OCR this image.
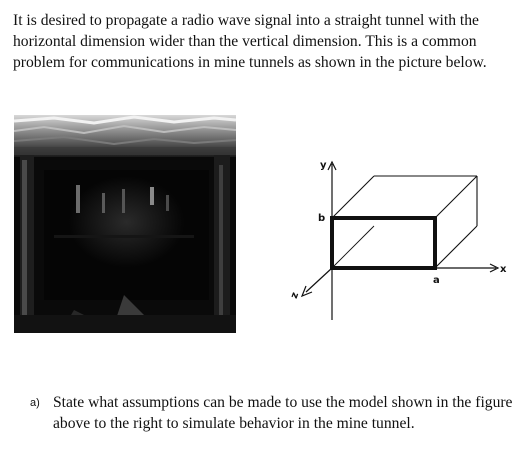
It is desired to propagate a radio wave signal into a straight tunnel with the
horizontal dimension wider than the vertical dimension. This is a common
problem for communications in mine tunnels as shown in the picture below.
y
x
z
b
a
a) State what assumptions can be made to use the model shown in the figure
above to the right to simulate behavior in the mine tunnel.
